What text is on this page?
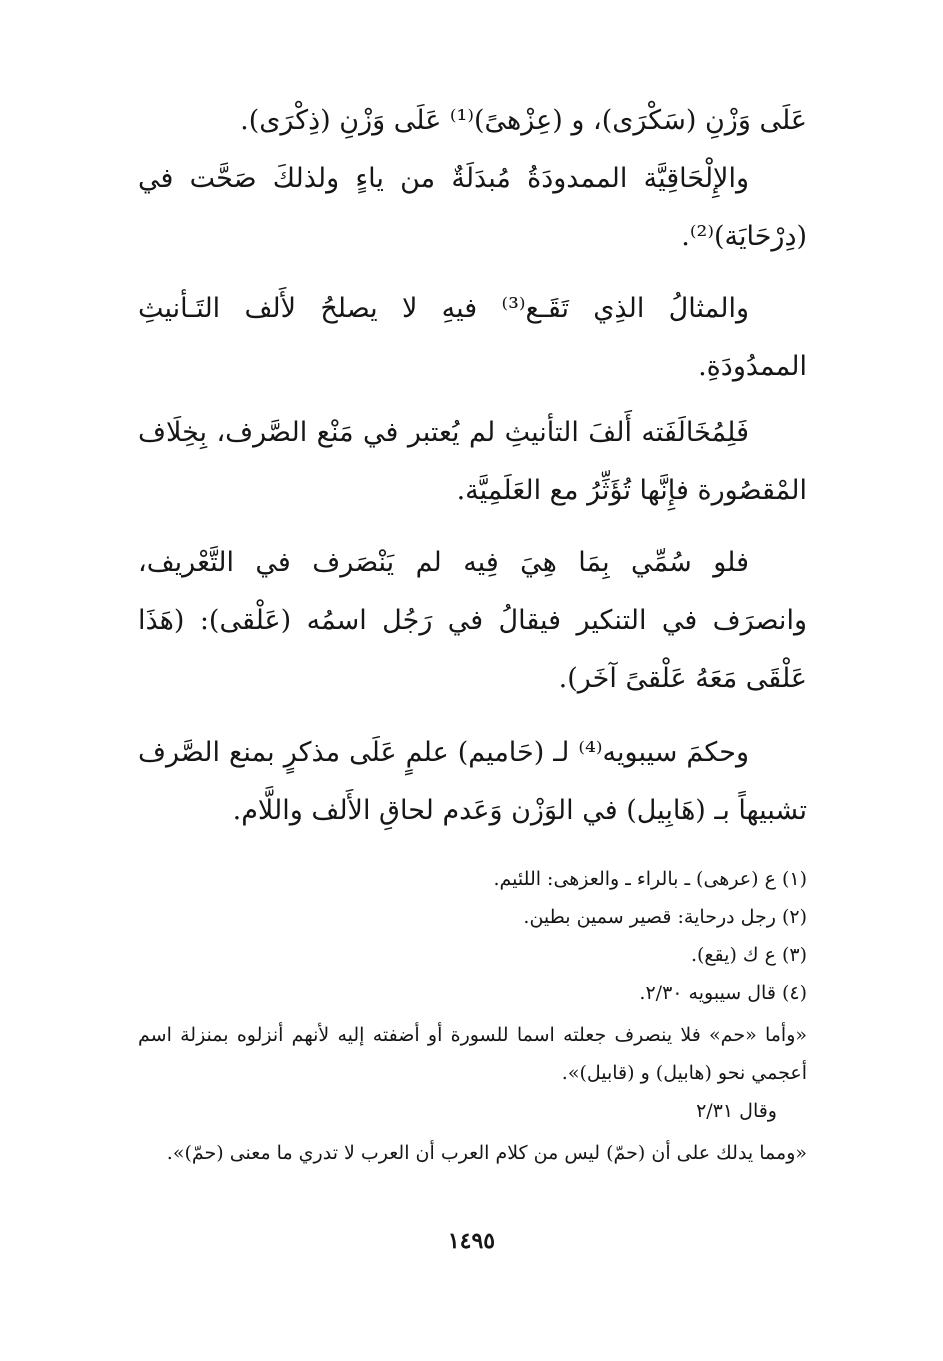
عَلَى وَزْنِ (سَكْرَى)، و (عِزْهىً)⁽¹⁾ عَلَى وَزْنِ (ذِكْرَى).

والإِلْحَاقِيَّة الممدودَةُ مُبدَلَةٌ من ياءٍ ولذلكَ صَحَّت في (دِرْحَايَة)⁽²⁾.

والمثالُ الذِي تَقَـع⁽³⁾ فيهِ لا يصلحُ لأَلف التَـأنيثِ الممدُودَةِ.

فَلِمُخَالَفَته أَلفَ التأنيثِ لم يُعتبر في مَنْع الصَّرف، بِخِلَاف المْقصُورة فإِنَّها تُؤَثِّرُ مع العَلَمِيَّة.

فلو سُمِّي بِمَا هِيَ فِيه لم يَنْصَرف في التَّعْريف، وانصرَف في التنكير فيقالُ في رَجُل اسمُه (عَلْقى): (هَذَا عَلْقَى مَعَهُ عَلْقىً آخَر).

وحكمَ سيبويه⁽⁴⁾ لـ (حَاميم) علمٍ عَلَى مذكرٍ بمنع الصَّرف تشبيهاً بـ (هَابِيل) في الوَزْن وَعَدم لحاقِ الأَلف واللَّام.

(١)ع (عرهى) ـ بالراء ـ والعزهى: اللئيم.

(٢)رجل درحاية: قصير سمين بطين.

(٣)ع ك (يقع).

(٤)قال سيبويه ٢/٣٠.

«وأما «حم» فلا ينصرف جعلته اسما للسورة أو أضفته إليه لأنهم أنزلوه بمنزلة اسم أعجمي نحو (هابيل) و (قابيل)».

وقال ٢/٣١

«ومما يدلك على أن (حمّ) ليس من كلام العرب أن العرب لا تدري ما معنى (حمّ)».

١٤٩٥
